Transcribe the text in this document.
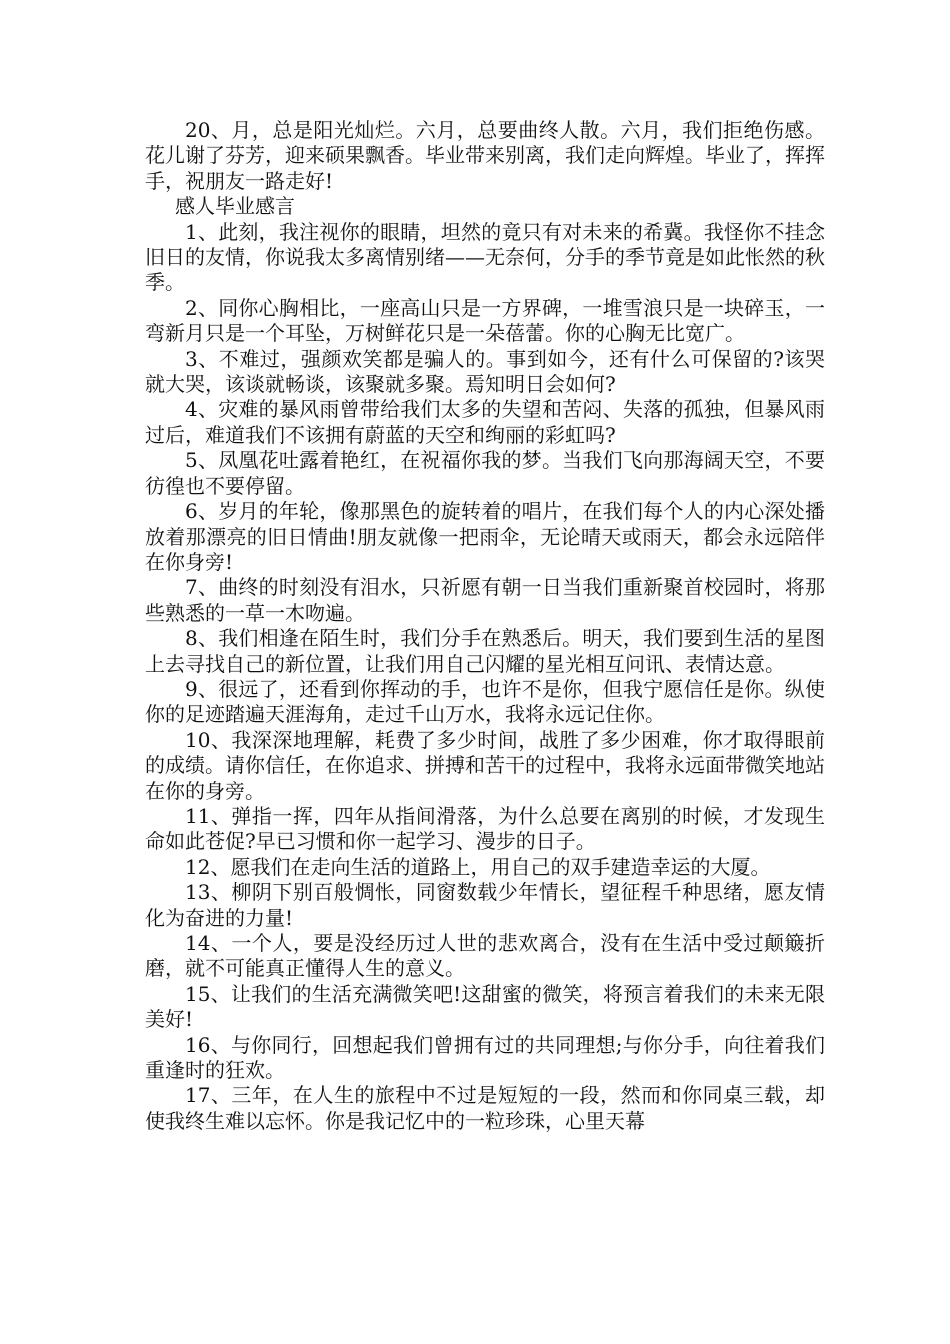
20、月，总是阳光灿烂。六月，总要曲终人散。六月，我们拒绝伤感。花儿谢了芬芳，迎来硕果飘香。毕业带来别离，我们走向辉煌。毕业了，挥挥手，祝朋友一路走好!

感人毕业感言

1、此刻，我注视你的眼睛，坦然的竟只有对未来的希冀。我怪你不挂念旧日的友情，你说我太多离情别绪——无奈何，分手的季节竟是如此怅然的秋季。

2、同你心胸相比，一座高山只是一方界碑，一堆雪浪只是一块碎玉，一弯新月只是一个耳坠，万树鲜花只是一朵蓓蕾。你的心胸无比宽广。

3、不难过，强颜欢笑都是骗人的。事到如今，还有什么可保留的?该哭就大哭，该谈就畅谈，该聚就多聚。焉知明日会如何?

4、灾难的暴风雨曾带给我们太多的失望和苦闷、失落的孤独，但暴风雨过后，难道我们不该拥有蔚蓝的天空和绚丽的彩虹吗?

5、凤凰花吐露着艳红，在祝福你我的梦。当我们飞向那海阔天空，不要彷徨也不要停留。

6、岁月的年轮，像那黑色的旋转着的唱片，在我们每个人的内心深处播放着那漂亮的旧日情曲!朋友就像一把雨伞，无论晴天或雨天，都会永远陪伴在你身旁!

7、曲终的时刻没有泪水，只祈愿有朝一日当我们重新聚首校园时，将那些熟悉的一草一木吻遍。

8、我们相逢在陌生时，我们分手在熟悉后。明天，我们要到生活的星图上去寻找自己的新位置，让我们用自己闪耀的星光相互问讯、表情达意。

9、很远了，还看到你挥动的手，也许不是你，但我宁愿信任是你。纵使你的足迹踏遍天涯海角，走过千山万水，我将永远记住你。

10、我深深地理解，耗费了多少时间，战胜了多少困难，你才取得眼前的成绩。请你信任，在你追求、拼搏和苦干的过程中，我将永远面带微笑地站在你的身旁。

11、弹指一挥，四年从指间滑落，为什么总要在离别的时候，才发现生命如此苍促?早已习惯和你一起学习、漫步的日子。

12、愿我们在走向生活的道路上，用自己的双手建造幸运的大厦。

13、柳阴下别百般惆怅，同窗数载少年情长，望征程千种思绪，愿友情化为奋进的力量!

14、一个人，要是没经历过人世的悲欢离合，没有在生活中受过颠簸折磨，就不可能真正懂得人生的意义。

15、让我们的生活充满微笑吧!这甜蜜的微笑，将预言着我们的未来无限美好!

16、与你同行，回想起我们曾拥有过的共同理想;与你分手，向往着我们重逢时的狂欢。

17、三年，在人生的旅程中不过是短短的一段，然而和你同桌三载，却使我终生难以忘怀。你是我记忆中的一粒珍珠，心里天幕
